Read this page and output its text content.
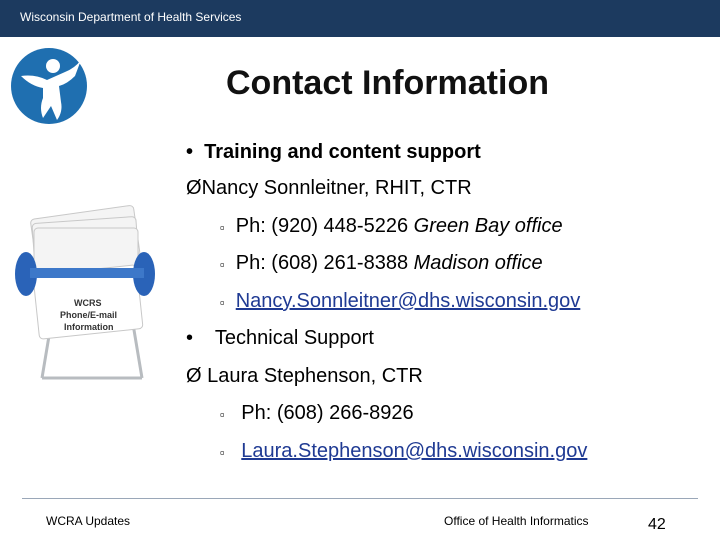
Wisconsin Department of Health Services
Contact Information
WCRS
Phone/E-mail
Information
• Training and content support
ØNancy Sonnleitner, RHIT, CTR
▫ Ph: (920) 448-5226 Green Bay office
▫ Ph: (608) 261-8388 Madison office
▫ Nancy.Sonnleitner@dhs.wisconsin.gov
• Technical Support
Ø Laura Stephenson, CTR
▫ Ph: (608) 266-8926
▫ Laura.Stephenson@dhs.wisconsin.gov
WCRA Updates	Office of Health Informatics	42
